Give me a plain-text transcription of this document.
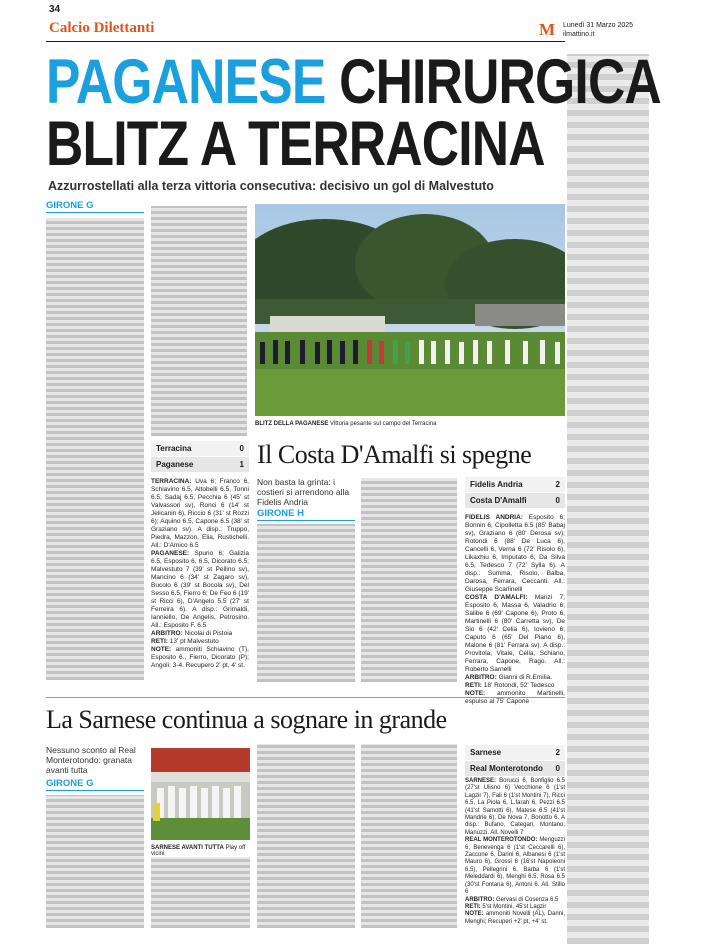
34
Calcio Dilettanti	M Lunedì 31 Marzo 2025
ilmattino.it
PAGANESE CHIRURGICA
BLITZ A TERRACINA
Azzurrostellati alla terza vittoria consecutiva: decisivo un gol di Malvestuto
GIRONE G
BLITZ DELLA PAGANESE Vittoria pesante sul campo del Terracina
Terracina	0
Paganese	1
TERRACINA: Uva 6; Franco 6, Schiavino 6.5, Altobelli 6.5, Tonni 6.5; Sadaj 6.5, Pecchia 6 (45' st Valvassori sv), Ronci 6 (14' st Jelicanin 6), Riccio 6 (31' st Rozzi 6); Aquino 6.5, Capone 6.5 (38' st Graziano sv). A disp.: Truppo, Piedra, Mazzon, Elia, Rustichelli. All.: D'Amico 6.5
PAGANESE: Spurio 6; Galizia 6.5, Esposito 6, 6.5, Dicorato 6.5; Malvestuto 7 (39' st Pellino sv), Mancino 6 (34' st Zagaro sv), Bucolo 6 (39' st Bocola sv), Del Sesso 6.5, Fierro 6; De Feo 6 (19' st Ricci 6), D'Angelo 5.5 (27' st Ferreira 6). A disp.: Grimaldi, Ianniello, De Angelis, Petrosino. All.: Esposito F. 6.5
ARBITRO: Nicolai di Pistoia
RETI: 13' pt Malvestuto
NOTE: ammoniti Schiavino (T), Esposito 6., Fierro, Dicorato (P); Angoli: 3-4. Recupero 2' pt, 4' st.
Il Costa D'Amalfi si spegne
Non basta la grinta: i costieri si arrendono alla Fidelis Andria
GIRONE H
Fidelis Andria	2
Costa D'Amalfi	0
FIDELIS ANDRIA: Esposito 6; Bonnin 6, Cipolletta 6.5 (85' Babaj sv), Graziano 6 (80' Derosa sv); Rotondi 6 (88' De Luca 6), Cancelli 6, Verna 6 (72' Risolo 6), Likaxhiu 6, Imputato 6; Da Silva 6.5, Tedesco 7 (72' Sylla 6). A disp.: Summa, Risolo, Balba, Darosa, Ferrara, Ceccanti. All.: Giuseppe Scarlinelli
COSTA D'AMALFI: Manzi 7; Esposito 6, Massa 6, Valadrio 6; Salibe 6 (69' Capone 6), Proto 6, Martinelli 6 (80' Carretta sv), De Sio 6 (42' Celia 6), Iovieno 6; Caputo 6 (65' Del Piano 6), Malone 6 (81' Ferrara sv). A disp.: Provitola, Vitale, Cella, Schiano, Ferrara, Capone, Rago. All.: Roberto Sarnelli
ARBITRO: Gianni di R.Emilia.
RETI: 18' Rotondi, 52' Tedesco
NOTE: ammonito Martinelli, espulso al 75' Capone
La Sarnese continua a sognare in grande
Nessuno sconto al Real Monterotondo: granata avanti tutta
GIRONE G
SARNESE AVANTI TUTTA Play off vicini
Sarnese	2
Real Monterotondo 0
SARNESE: Borucci 6, Bonfiglio 6.5 (27'st Ulisno 6) Vecchione 6 (1'st Lagzir 7), Fali 6 (1'st Montini 7), Ricci 6.5, La Piola 6, L.farah 6, Pezzi 6.5 (41'st Samotti 6), Matese 6.5 (41'st Mandrie 6), De Nova 7, Bonotto 6. A disp.: Bufano, Categari, Montano, Manuzzi. All. Novelli 7
REAL MONTEROTONDO: Menguzzi 6, Benevenga 6 (1'st Ceccarelli 6), Zaccone 6, Darini 6, Albanesi 6 (1'st Mauro 6), Grossi 6 (16'st Napoleoni 6.5), Pellegrini 6, Barba 6 (1'st Meleddardi 6), Menghi 6.5, Rosa 6.5 (30'st Fontana 6), Antoni 6. All. Stillo 6
ARBITRO: Gervasi di Cosenza 6.5
RETI: 5'st Montini, 45'st Lagzir
NOTE: ammoniti Novelli (AL), Darini, Menghi; Recuperi +2' pt, +4' st.
